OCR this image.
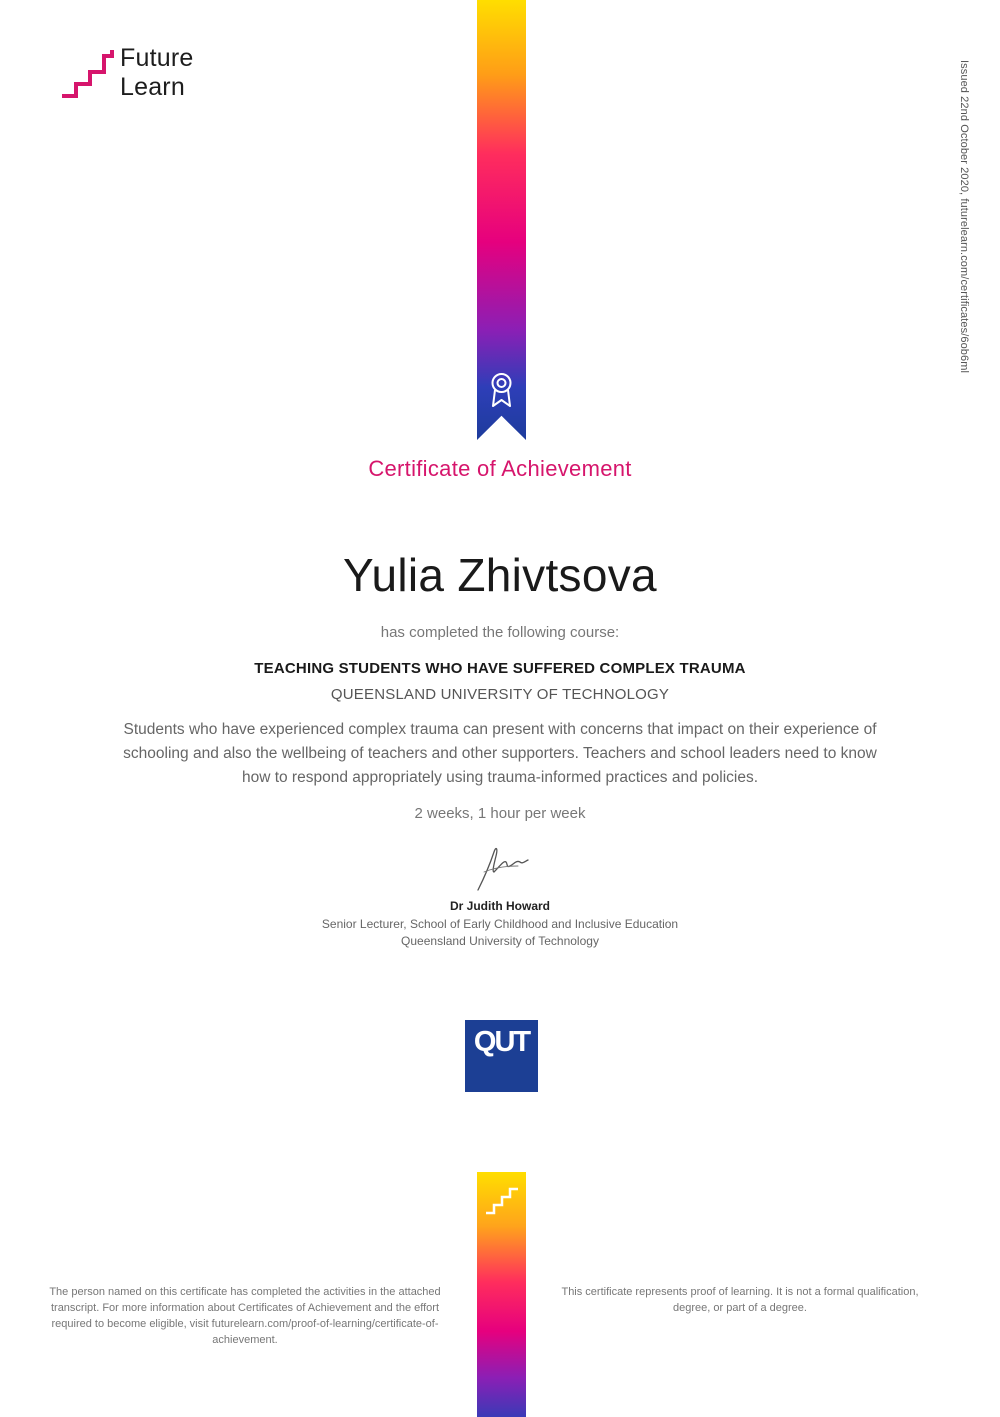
Future
Learn	Issued 22nd October 2020, futurelearn.com/certificates/6ob6ml
Certificate of Achievement
Yulia Zhivtsova
has completed the following course:
TEACHING STUDENTS WHO HAVE SUFFERED COMPLEX TRAUMA
QUEENSLAND UNIVERSITY OF TECHNOLOGY
Students who have experienced complex trauma can present with concerns that impact on their experience of schooling and also the wellbeing of teachers and other supporters. Teachers and school leaders need to know how to respond appropriately using trauma-informed practices and policies.
2 weeks, 1 hour per week
Dr Judith Howard
Senior Lecturer, School of Early Childhood and Inclusive Education
Queensland University of Technology
QUT
The person named on this certificate has completed the activities in the attached transcript. For more information about Certificates of Achievement and the effort required to become eligible, visit futurelearn.com/proof-of-learning/certificate-of-achievement.
This certificate represents proof of learning. It is not a formal qualification, degree, or part of a degree.
